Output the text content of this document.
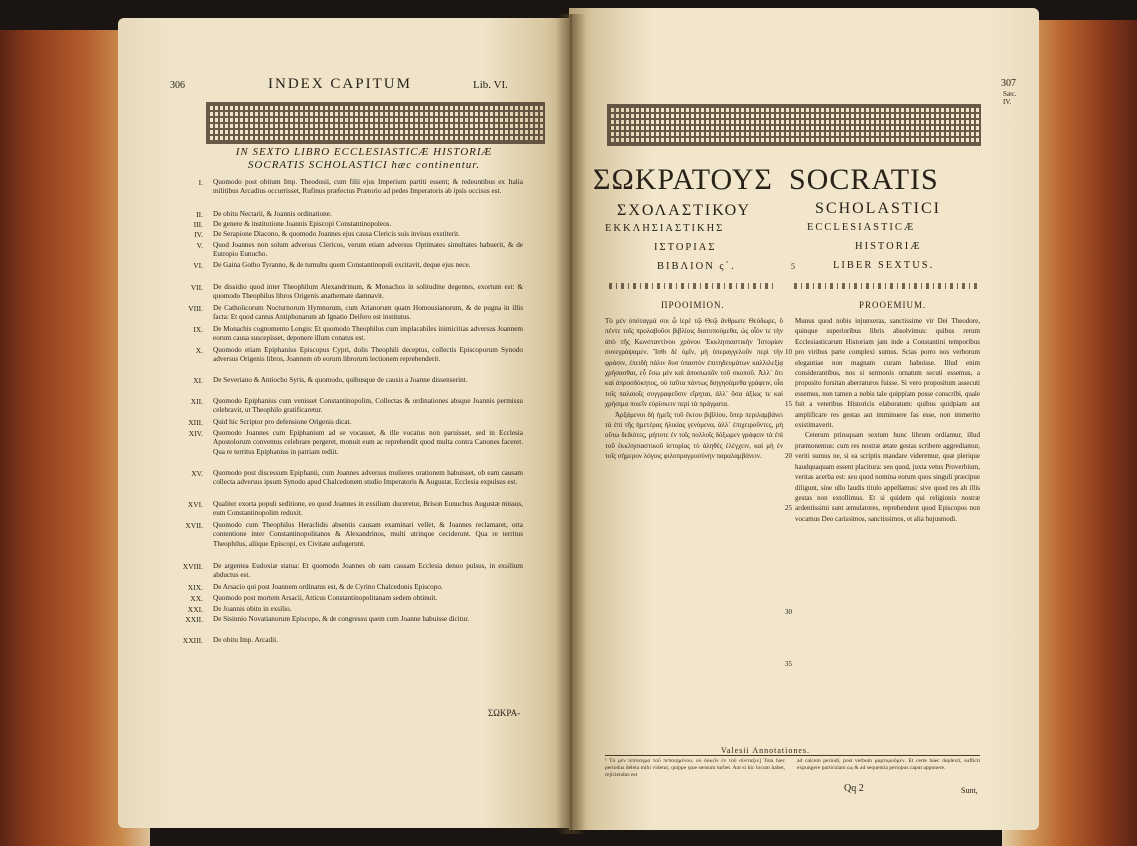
306	INDEX CAPITUM	Lib. VI.
IN SEXTO LIBRO ECCLESIASTICÆ HISTORIÆ
SOCRATIS SCHOLASTICI hæc continentur.
I. Quomodo post obitum Imp. Theodosii, cum filii ejus Imperium partiti essent; & redeuntibus ex Italia militibus Arcadius occurrisset, Rufinus præfectus Prætorio ad pedes Imperatoris ab ipsis occisus est.
II. De obitu Nectarii, & Joannis ordinatione.
III. De genere & institutione Joannis Episcopi Constantinopoleos.
IV. De Serapione Diacono, & quomodo Joannes ejus causa Clericis suis invisus exstiterit.
V. Quod Joannes non solum adversus Clericos, verum etiam adversus Optimates simultates habuerit, & de Eutropio Eunucho.
VI. De Gaina Gotho Tyranno, & de tumultu quem Constantinopoli excitavit, deque ejus nece.
VII. De dissidio quod inter Theophilum Alexandrinum, & Monachos in solitudine degentes, exortum est: & quomodo Theophilus libros Origenis anathemate damnavit.
VIII. De Catholicorum Nocturnorum Hymnorum, cum Arianorum quam Homousianorum, & de pugna in illis facta: Et quod cantus Antiphonarum ab Ignatio Deifero est institutus.
IX. De Monachis cognomento Longis: Et quomodo Theophilus cum implacabiles inimicitias adversus Joannem eorum causa suscepisset, deponere illum conatus est.
X. Quomodo etiam Epiphanius Episcopus Cypri, dolis Theophili deceptus, collectis Episcoporum Synodo adversus Origenis libros, Joannem ob eorum librorum lectionem reprehenderit.
XI. De Severiano & Antiocho Syris, & quomodo, quibusque de causis a Joanne dissenserint.
XII. Quomodo Epiphanius cum venisset Constantinopolim, Collectas & ordinationes absque Joannis permissu celebravit, ut Theophilo gratificaretur.
XIII. Quid hic Scriptor pro defensione Origenis dicat.
XIV. Quomodo Joannes cum Epiphanium ad se vocasset, & ille vocatus non paruisset, sed in Ecclesia Apostolorum conventus celebrare pergeret, monuit eum ac reprehendit quod multa contra Canones faceret. Qua re territus Epiphanius in patriam rediit.
XV. Quomodo post discessum Epiphanii, cum Joannes adversus mulieres orationem habuisset, ob eam causam collecta adversus ipsum Synodo apud Chalcedonem studio Imperatoris & Augustæ, Ecclesia expulsus est.
XVI. Qualiter exorta populi seditione, eo quod Joannes in exsilium duceretur, Brison Eunuchus Augustæ missus, eum Constantinopolim reduxit.
XVII. Quomodo cum Theophilus Heraclidis absentis causam examinari vellet, & Joannes reclamaret, orta contentione inter Constantinopolitanos & Alexandrinos, multi utrinque ceciderunt. Qua re territus Theophilus, aliique Episcopi, ex Civitate aufugerunt.
XVIII. De argentea Eudoxiæ statua: Et quomodo Joannes ob eam causam Ecclesia denuo pulsus, in exsilium abductus est.
XIX. De Arsacio qui post Joannem ordinatus est, & de Cyrino Chalcedonis Episcopo.
XX. Quomodo post mortem Arsacii, Atticus Constantinopolitanam sedem obtinuit.
XXI. De Joannis obitu in exsilio.
XXII. De Sisinnio Novatianorum Episcopo, & de congressu quem cum Joanne habuisse dicitur.
XXIII. De obitu Imp. Arcadii.
ΣΩΚΡΑ-
307
Sæc. IV.
ΣΩΚΡΑΤΟΥΣ SOCRATIS
ΣΧΟΛΑΣΤΙΚΟΥ	SCHOLASTICI
ΕΚΚΛΗΣΙΑΣΤΙΚΗΣ	ECCLESIASTICÆ
ΙΣΤΟΡΙΑΣ	HISTORIÆ
ΒΙΒΛΙΟΝ ς΄.	5	LIBER SEXTUS.
ΠΡΟΟΙΜΙΟΝ.	PROOEMIUM.
Τὸ μὲν ὑπόταγμά σοι ὦ ἱερὲ τῷ Θεῷ ἄνθρωπε Θεόδωρε, ὃ πέντε τοῖς προλαβοῦσι βιβλίοις διατυπούμεθα, ὡς οἷόν τε τὴν ἀπὸ τῆς Κωνσταντίνου χρόνου Ἐκκλησιαστικὴν Ἱστορίαν συνεγράψαμεν. Ἴσθι δὲ ὑμῖν, μὴ ὑπεραγγελοῦν περὶ τὴν φράσιν, ἐπειδὴ πάλιν δυσ ὑπαστὸν ἐπιτηδευμάτων καλλιλεξίᾳ χρήσασθαι, εὖ ἔσω μὲν καὶ ἀποσιωπᾶν τοῦ σκοποῦ. Ἀλλ᾽ ὅτι καὶ ἀπροσδόκητος, οὐ ταῦτα πάντως διηγησάμεθα γράφειν, οἷα τοῖς παλαιοῖς συγγραφεῦσιν εἴρηται, ἀλλ᾽ ὅσα ἀξίως τε καὶ χρήσιμα ποιεῖν εὑρίσκειν περὶ τὰ πράγματα.
Ἀρξάμενοι δὴ ἡμεῖς τοῦ ἕκτου βιβλίου, ὅπερ περιλαμβάνει τὰ ἐπὶ τῆς ἡμετέρας ἡλικίας γενόμενα, ἀλλ᾽ ἐπιχειροῦντες, μὴ οὕτω δεδιότες, μήποτε ἐν τοῖς πολλοῖς δόξωμεν γράφειν τὰ ἐπὶ τοῦ ἐκκλησιαστικοῦ ἱστορίας τὸ ἀληθὲς ἐλέγχειν, καὶ μὴ ἐν τοῖς σήμερον λόγοις φιλοπραγμοσύνην παραλαμβάνειν.
Munus quod nobis injunxeras, sanctissime vir Dei Theodore, quinque superioribus libris absolvimus: quibus rerum Ecclesiasticarum Historiam jam inde a Constantini temporibus pro viribus parte complexi sumus. Scias porro nos verborum elegantiae non magnam curam habuisse. Illud enim considerantibus, nos si sermonis ornatum secuti essemus, a proposito forsitan aberraturos fuisse. Si vero propositum assecuti essemus, non tamen a nobis tale quippiam posse conscribi, quale fuit a veteribus Historicis elaboratum: quibus quidpiam aut amplificare res gestas aut imminuere fas esse, non immerito existimaverit.
Ceterum prinsquam sextum hunc librum ordiamur, illud præmonemus: cum res nostræ ætate gestas scribere aggrediamur, veriti sumus ne, si ea scriptis mandare videremur, quæ plerique haudquaquam essent placitura: seu quod, juxta vetus Proverbium, veritas acerba est: seu quod nomina eorum quos singuli præcipue diligunt, sine ullo laudis titulo appellamus: sive quod res ab illis gestas non extollimus. Et si quidem qui religionis nostræ ardentissimi sunt æmulatores, reprehendent quod Episcopos non vocamus Deo carissimos, sanctissimos, et alia hujusmodi.
10
15
20
25
30
35
Valesii Annotationes.
¹ Τὸ μὲν ὑπόταγμα τοῦ πεποιημένου, οὐ δοκεῖν ἐν τοῦ σύνταξιν] Tota hæc periodus deleta mihi videtur, quippe quæ sensum turbet. Aut si hic locum habet, rejiciendus est
ad calcem periodi, post verbum μαρτυροῦμεν. Et certe haec deplexit, sufficit expungere particulam ὡς & ad sequentia periopus caput apponere.
Qq 2	Sunt,
